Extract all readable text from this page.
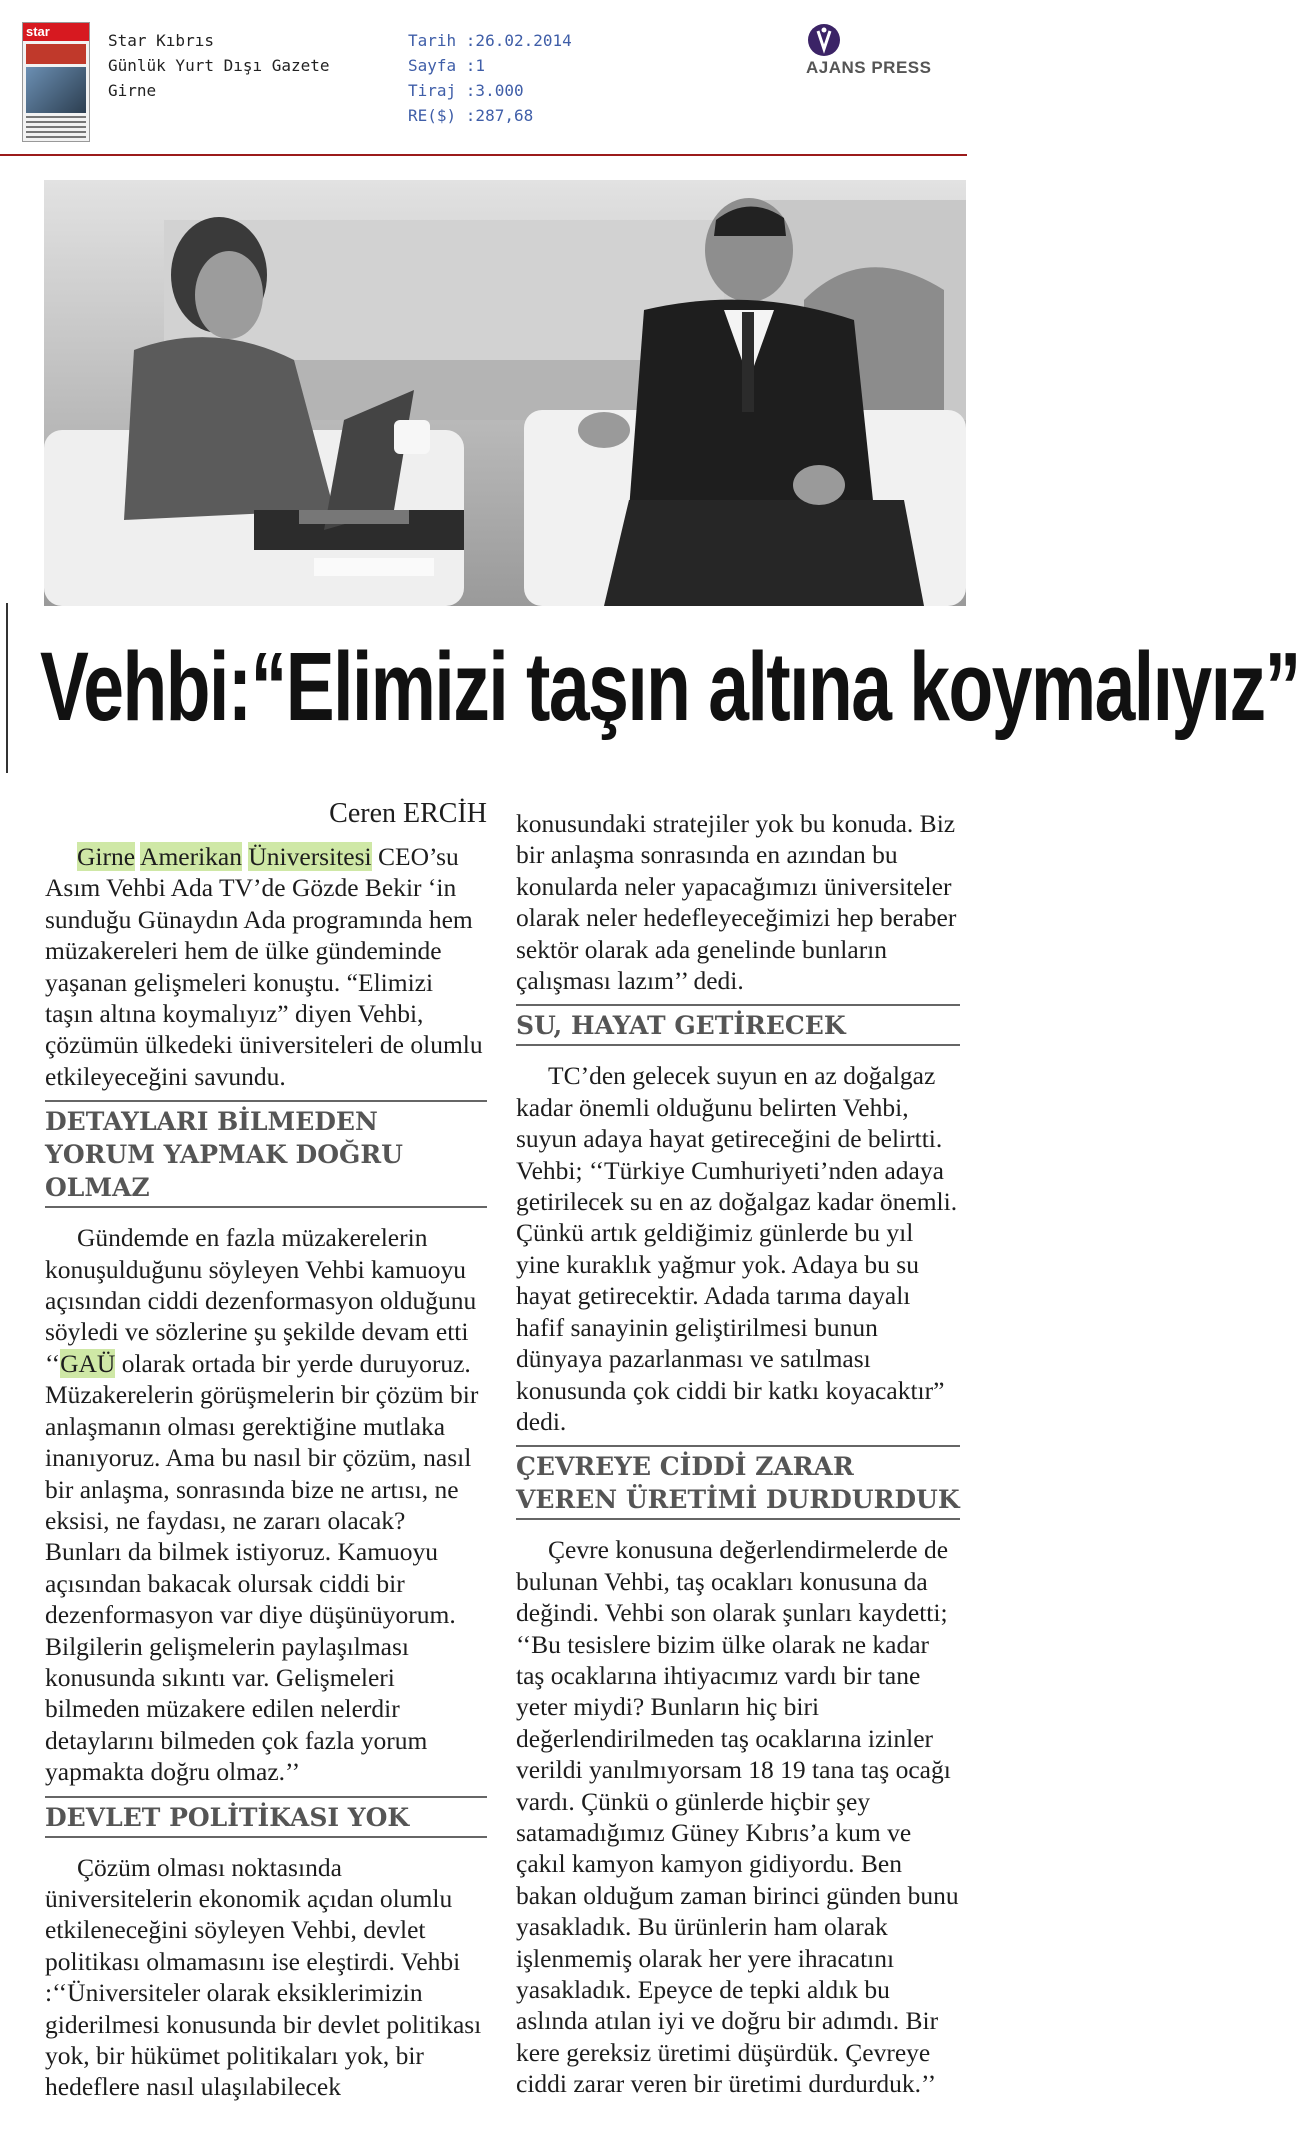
star	Star Kıbrıs
Günlük Yurt Dışı Gazete
Girne
Tarih :26.02.2014
Sayfa :1
Tiraj :3.000
RE($) :287,68
AJANS PRESS
Vehbi:“Elimizi taşın altına koymalıyız”
Ceren ERCİH

Girne Amerikan Üniversitesi CEO’su Asım Vehbi Ada TV’de Gözde Bekir ‘in sunduğu Günaydın Ada programında hem müzakereleri hem de ülke gündeminde yaşanan gelişmeleri konuştu. “Elimizi taşın altına koymalıyız” diyen Vehbi, çözümün ülkedeki üniversiteleri de olumlu etkileyeceğini savundu.

DETAYLARI BİLMEDEN YORUM YAPMAK DOĞRU OLMAZ

Gündemde en fazla müzakerelerin konuşulduğunu söyleyen Vehbi kamuoyu açısından ciddi dezenformasyon olduğunu söyledi ve sözlerine şu şekilde devam etti ‘‘GAÜ olarak ortada bir yerde duruyoruz. Müzakerelerin görüşmelerin bir çözüm bir anlaşmanın olması gerektiğine mutlaka inanıyoruz. Ama bu nasıl bir çözüm, nasıl bir anlaşma, sonrasında bize ne artısı, ne eksisi, ne faydası, ne zararı olacak? Bunları da bilmek istiyoruz. Kamuoyu açısından bakacak olursak ciddi bir dezenformasyon var diye düşünüyorum. Bilgilerin gelişmelerin paylaşılması konusunda sıkıntı var. Gelişmeleri bilmeden müzakere edilen nelerdir detaylarını bilmeden çok fazla yorum yapmakta doğru olmaz.’’

DEVLET POLİTİKASI YOK

Çözüm olması noktasında üniversitelerin ekonomik açıdan olumlu etkileneceğini söyleyen Vehbi, devlet politikası olmamasını ise eleştirdi. Vehbi :‘‘Üniversiteler olarak eksiklerimizin giderilmesi konusunda bir devlet politikası yok, bir hükümet politikaları yok, bir hedeflere nasıl ulaşılabilecek

konusundaki stratejiler yok bu konuda. Biz bir anlaşma sonrasında en azından bu konularda neler yapacağımızı üniversiteler olarak neler hedefleyeceğimizi hep beraber sektör olarak ada genelinde bunların çalışması lazım’’ dedi.

SU, HAYAT GETİRECEK

TC’den gelecek suyun en az doğalgaz kadar önemli olduğunu belirten Vehbi, suyun adaya hayat getireceğini de belirtti. Vehbi; ‘‘Türkiye Cumhuriyeti’nden adaya getirilecek su en az doğalgaz kadar önemli. Çünkü artık geldiğimiz günlerde bu yıl yine kuraklık yağmur yok. Adaya bu su hayat getirecektir. Adada tarıma dayalı hafif sanayinin geliştirilmesi bunun dünyaya pazarlanması ve satılması konusunda çok ciddi bir katkı koyacaktır” dedi.

ÇEVREYE CİDDİ ZARAR VEREN ÜRETİMİ DURDURDUK

Çevre konusuna değerlendirmelerde de bulunan Vehbi, taş ocakları konusuna da değindi. Vehbi son olarak şunları kaydetti; ‘‘Bu tesislere bizim ülke olarak ne kadar taş ocaklarına ihtiyacımız vardı bir tane yeter miydi? Bunların hiç biri değerlendirilmeden taş ocaklarına izinler verildi yanılmıyorsam 18 19 tana taş ocağı vardı. Çünkü o günlerde hiçbir şey satamadığımız Güney Kıbrıs’a kum ve çakıl kamyon kamyon gidiyordu. Ben bakan olduğum zaman birinci günden bunu yasakladık. Bu ürünlerin ham olarak işlenmemiş olarak her yere ihracatını yasakladık. Epeyce de tepki aldık bu aslında atılan iyi ve doğru bir adımdı. Bir kere gereksiz üretimi düşürdük. Çevreye ciddi zarar veren bir üretimi durdurduk.’’
